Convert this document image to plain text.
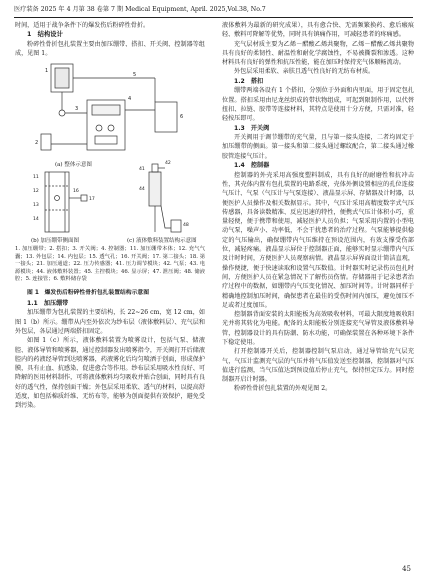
医疗装备 2025 年 4 月第 38 卷第 7 期 Medical Equipment, April. 2025,Vol.38, No.7

时间，适用于战争条件下的爆发伤后粉碎性骨折。

1　结构设计

粉碎性骨折包扎装置主要由加压绷带、搭扣、开关阀、控制器等组成，见图 1。

1
3
4
6
5
2
11
12
13
14
16
17
41
42
44
48
(a) 整体示意图
(b) 加压绷带侧面图	(c) 液体敷料装置结构示意图
1. 加压绷带；2. 搭扣；3. 开关阀；4. 控制器；11. 加压绷带本体；12. 充气气囊；13. 外包层；14. 内包层；15. 透气孔；16. 开关阀；17. 第二接头；18. 第一接头；21. 加压通道；22. 压力传感器；41. 压力调节模块；42. 气泵；43. 电源模块；44. 液体敷料装置；45. 主控模块；46. 显示屏；47. 泄压阀；48. 储液腔；5. 连接管；6. 敷料储存袋

图 1　爆发伤后粉碎性骨折包扎装置结构示意图

1.1　加压绷带

加压绷带为包扎装置的主要结构，长 22~26 cm，宽 12 cm，如图 1（b）所示。绷带从内至外依次为纱布层（液体敷料层）、充气层和外包层，各层通过两端搭扣固定。

如图 1（c）所示，液体敷料装置为喷雾设计，包括气泵、储液腔、液体导管和喷雾器，通过控制器发出喷雾指令，开关阀打开后储液腔内的药液经导管到达喷雾器，药液雾化后均匀喷洒于创面，形成保护膜，具有止血、抗感染、促进愈合等作用。纱布层采用吸水性良好、可降解的医用材料制作，可将液体敷料均匀吸收并贴合创面，同时具有良好的透气性，保持创面干燥；外包层采用柔软、透气的材料，以提高舒适度，如包括棉质纤维、无纺布等，能够为创面提供有效保护，避免受到污染。

液体敷料为最新的研究成果），具有愈合快、无需频繁换药、愈后瘢痕轻、敷料可降解等优势，同时具有镇痛作用，可减轻患者的疼痛感。

充气层材质主要为乙烯－醋酸乙烯共聚物，乙烯－醋酸乙烯共聚物具有良好的柔韧性、耐温性和耐化学腐蚀性，不易被撕裂和渗透。这种材料具有良好的弹性和抗压性能，能在加压时保持充气体顺畅流动。

外包层采用柔软、亲肤且透气性良好的无纺布材质。

1.2　搭扣

绷带两端各设有 1 个搭扣，分别位于外面和内里面，用于固定包扎位置。搭扣采用由尼龙丝织成的带状物组成，可起到限制作用，以代替扭扣、拉链、胶带等连接材料，其特点是使用十分方便，只需对准，轻轻按压即可。

1.3　开关阀

开关阀用于调节绷带的充气量，且与第一接头连接，二者均固定于加压绷带的侧面。第一接头和第二接头通过螺纹配合，第二接头通过橡胶管连接气压计。

1.4　控制器

控制器的外壳采用高强度塑料制成，具有良好的耐磨性和抗冲击性，其壳体内置有包扎装置的电路系统，壳体外侧设置相应的孔位连接气压计、气泵（气压计与气泵连接）、液晶显示屏、存储器及计时器，以便医护人员操作及相关数据显示。其中，气压计采用高精度数字式气压传感器，具备读数精准、反应迅速的特性，便携式气压计体积小巧，重量轻便，便于携带和使用，减轻医护人员负担；气泵采用内置的小型电动气泵，噪声小、功率低，不会干扰患者的治疗过程。气泵能够提供稳定的气压输出，确保绷带内气压维持在预设范围内，有效支撑受伤部位，减轻疼痛。液晶显示屏位于控制器正面，能够实时显示绷带内气压及计时时间，方便医护人员观察病情。液晶显示屏界面设计简洁直观，操作便捷，便于快速读取和设置气压数值。计时器实时记录伤员包扎时间，方便医护人员在紧急情况下了解伤员伤情。存储器用于记录患者治疗过程中的数据，如绷带内气压变化情况、加压时间等。计时器同样于精确地控制加压时间，确保患者在最佳的受伤时间内加压，避免加压不足或者过度加压。

控制器背面安装的太阳能板为高效吸收材料，可最大限度地吸收阳光并将其转化为电能。配备的太阳能板分别连接充气导管及液体敷料导管，控制器设计的具有防潮、防水功能，可确保装置在各种环境下条件下稳定使用。

打开控制器开关后，控制器控制气泵启动，通过导管给充气层充气，气压计监测充气层的气压并将气压值发送至控制器，控制器对气压值进行监测，当气压值达到预设值后停止充气，保持恒定压力。同时控制器开启计时器。

粉碎性骨折包扎装置的外观见图 2。

45
